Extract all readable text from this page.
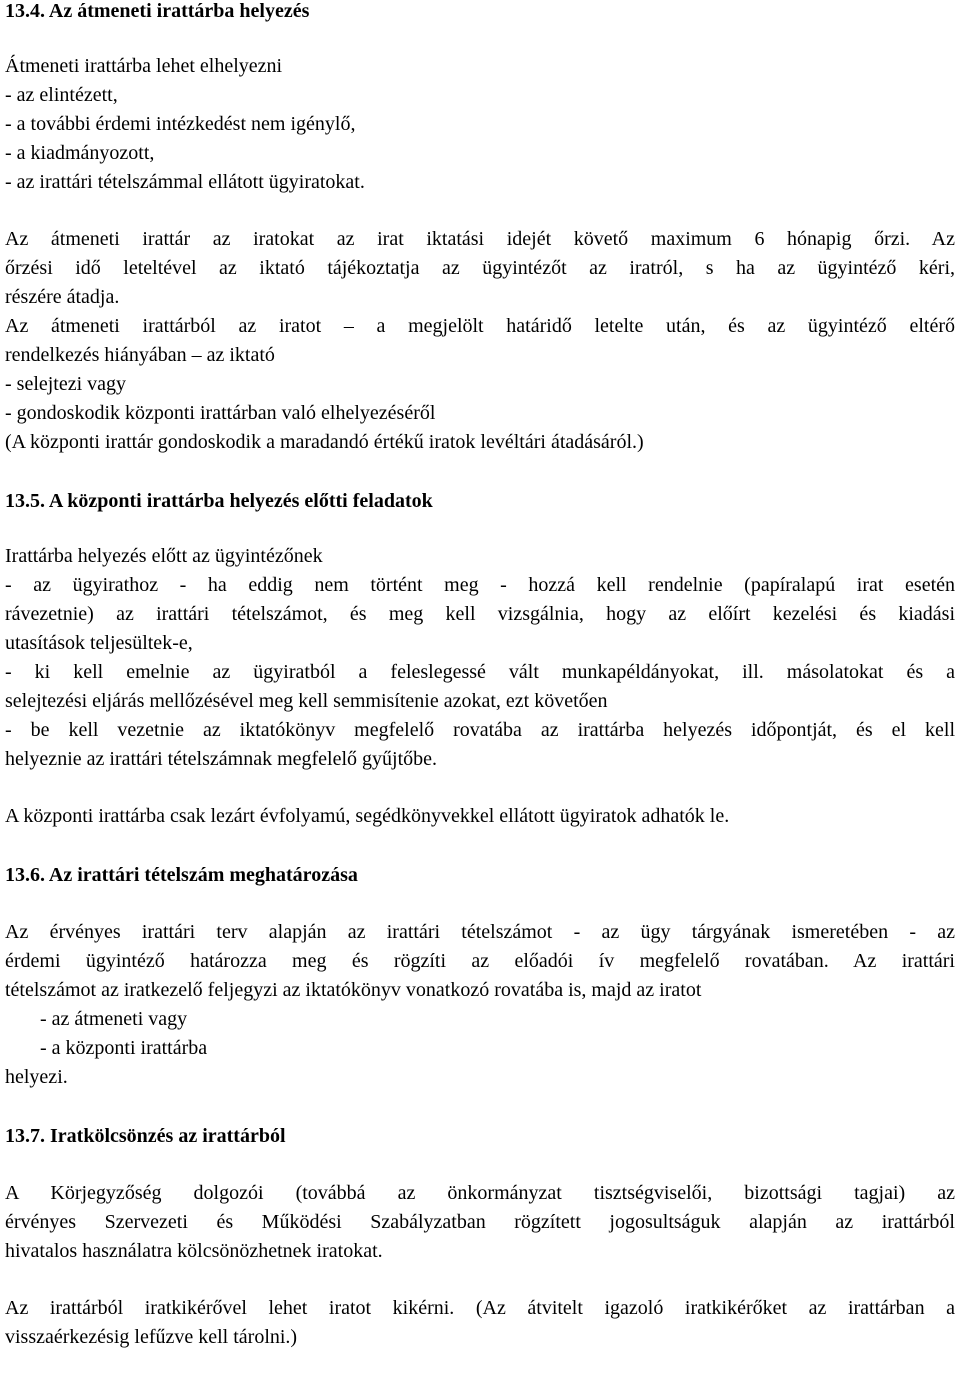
13.4. Az átmeneti irattárba helyezés
Átmeneti irattárba lehet elhelyezni
- az elintézett,
- a további érdemi intézkedést nem igénylő,
- a kiadmányozott,
- az irattári tételszámmal ellátott ügyiratokat.
Az átmeneti irattár az iratokat az irat iktatási idejét követő maximum 6 hónapig őrzi. Az
őrzési idő leteltével az iktató tájékoztatja az ügyintézőt az iratról, s ha az ügyintéző kéri,
részére átadja.
Az átmeneti irattárból az iratot – a megjelölt határidő letelte után, és az ügyintéző eltérő
rendelkezés hiányában – az iktató
- selejtezi vagy
- gondoskodik központi irattárban való elhelyezéséről
(A központi irattár gondoskodik a maradandó értékű iratok levéltári átadásáról.)
13.5. A központi irattárba helyezés előtti feladatok
Irattárba helyezés előtt az ügyintézőnek
- az ügyirathoz - ha eddig nem történt meg - hozzá kell rendelnie (papíralapú irat esetén
rávezetnie) az irattári tételszámot, és meg kell vizsgálnia, hogy az előírt kezelési és kiadási
utasítások teljesültek-e,
- ki kell emelnie az ügyiratból a feleslegessé vált munkapéldányokat, ill. másolatokat és a
selejtezési eljárás mellőzésével meg kell semmisítenie azokat, ezt követően
- be kell vezetnie az iktatókönyv megfelelő rovatába az irattárba helyezés időpontját, és el kell
helyeznie az irattári tételszámnak megfelelő gyűjtőbe.
A központi irattárba csak lezárt évfolyamú, segédkönyvekkel ellátott ügyiratok adhatók le.
13.6. Az irattári tételszám meghatározása
Az érvényes irattári terv alapján az irattári tételszámot - az ügy tárgyának ismeretében - az
érdemi ügyintéző határozza meg és rögzíti az előadói ív megfelelő rovatában. Az irattári
tételszámot az iratkezelő feljegyzi az iktatókönyv vonatkozó rovatába is, majd az iratot
- az átmeneti vagy
- a központi irattárba
helyezi.
13.7. Iratkölcsönzés az irattárból
A Körjegyzőség dolgozói (továbbá az önkormányzat tisztségviselői, bizottsági tagjai) az
érvényes Szervezeti és Működési Szabályzatban rögzített jogosultságuk alapján az irattárból
hivatalos használatra kölcsönözhetnek iratokat.
Az irattárból iratkikérővel lehet iratot kikérni. (Az átvitelt igazoló iratkikérőket az irattárban a
visszaérkezésig lefűzve kell tárolni.)
